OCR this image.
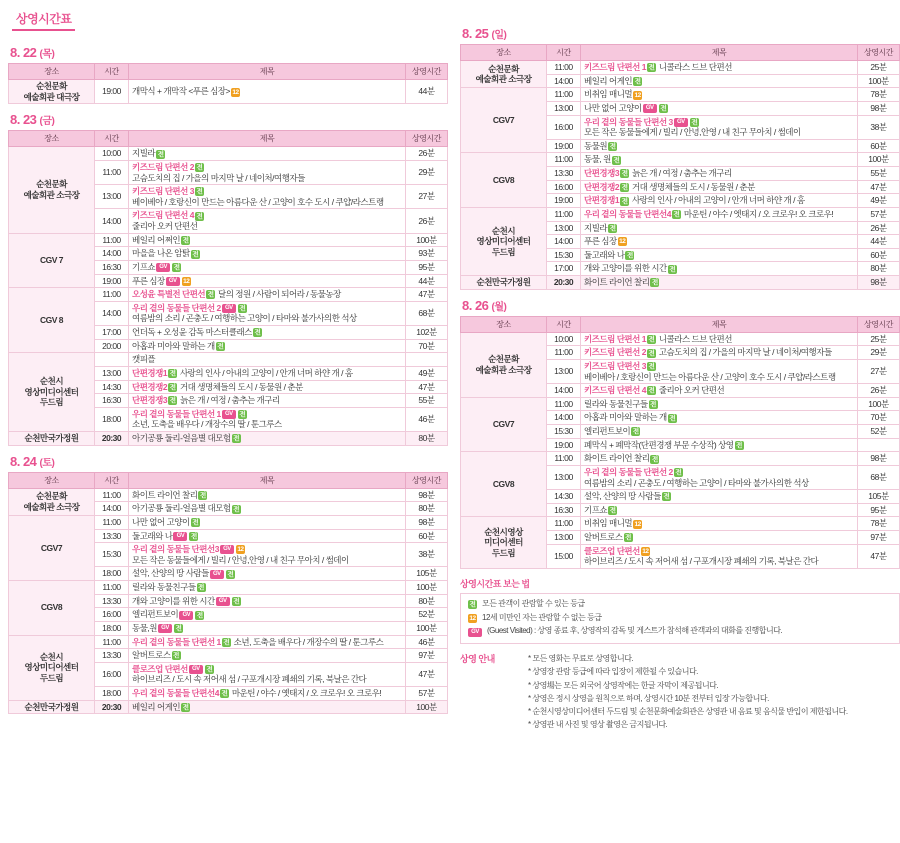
상영시간표
8. 22 (목)
장소	시간	제목	상영시간
순천문화
예술회관 대극장	19:00	개막식 + 개막작 <푸른 심장> 12	44분
8. 23 (금)
장소	시간	제목	상영시간
순천문화
예술회관 소극장	10:00	지빌라 전	26분
	11:00	키즈드림 단편선 2 전
고슴도치의 집 / 가을의 마지막 날 / 네이처/여행자들	29분
	13:00	키즈드림 단편선 3 전
베이베아 / 호랑신이 만드는 아름다운 산 / 고양이 호수 도시 / 쿠얍/라스트랭	27분
	14:00	키즈드림 단편선 4 전
줄리아 오커 단편선	26분
CGV 7	11:00	베일리 어쩌인 전	100분
	14:00	마을을 나온 암탉 전	93분
	16:30	기프쇼 GV 전	95분
	19:00	푸른 심장 GV 12	44분
CGV 8	11:00	오성윤 특별전 단편선 전 달의 정원 / 사람이 되어라 / 동물농장	47분
	14:00	우리 곁의 동물들 단편선 2 GV 전
여름밤의 소리 / 곤충도 / 여행하는 고양이 / 타마와 불가사의한 석상	68분
	17:00	언더독 + 오성윤 감독 마스터클래스 전	102분
	20:00	아홉과 미아와 말하는 개 전	70분
순천시
영상미디어센터
두드림		캣피플	
	13:00	단편경쟁1 전 사랑의 인사 / 아내의 고양이 / 안개 너머 하얀 개 / 홈	49분
	14:30	단편경쟁2 전 거대 생명체들의 도시 / 동물원 / 춘분	47분
	16:30	단편경쟁3 전 늙은 개 / 여정 / 춤추는 개구리	55분
	18:00	우리 곁의 동물들 단편선 1 GV 전
소년, 도축을 배우다 / 개장수의 딸 / 툰그루스	46분
순천만국가정원	20:30	아기공룡 둘리-얼음별 대모험 전	80분
8. 24 (토)
장소	시간	제목	상영시간
순천문화
예술회관 소극장	11:00	화이트 라이언 찰리 전	98분
	14:00	아기공룡 둘리-얼음별 대모험 전	80분
CGV7	11:00	나만 없어 고양이 전	98분
	13:30	둘고래와 나 GV 전	60분
	15:30	우리 곁의 동물들 단편선3 GV 12
모든 작은 동물들에게 / 빌리 / 안녕,안영 / 내 친구 무아치 / 썸데이	38분
	18:00	설악, 산양의 땅 사람들 GV 전	105분
CGV8	11:00	릴라와 동물친구들 전	100분
	13:30	개와 고양이를 위한 시간 GV 전	80분
	16:00	엘리펀트보이 GV 전	52분
	18:00	동물,원 GV 전	100분
순천시
영상미디어센터
두드림	11:00	우리 곁의 동물들 단편선 1 전 소년, 도축을 배우다 / 개장수의 딸 / 툰그루스	46분
	13:30	알버트로스 전	97분
	16:00	클로즈업 단편선 GV 전
하이브리즈 / 도시 속 저어새 섬 / 구포개시장 폐쇄의 기록, 북날은 간다	47분
	18:00	우리 곁의 동물들 단편선4 전 마운틴 / 야수 / 옛태지 / 오 크로우! 오 크로우!	57분
순천만국가정원	20:30	베일리 어게인 전	100분
8. 25 (일)
장소	시간	제목	상영시간
순천문화
예술회관 소극장	11:00	키즈드림 단편선 1 전 니콜라스 드브 단편선	25분
	14:00	베일리 어게인 전	100분
CGV7	11:00	비취임 매니멀 12	78분
	13:00	나만 없어 고양이 GV 전	98분
	16:00	우리 곁의 동물들 단편선 3 GV 전
모든 작은 동물들에게 / 빌리 / 안녕,안영 / 내 친구 무아치 / 썸데이	38분
	19:00	동물원 전	60분
CGV8	11:00	동물, 원 전	100분
	13:30	단편경쟁3 전 늙은 개 / 여정 / 춤추는 개구리	55분
	16:00	단편경쟁2 전 거대 생명체들의 도시 / 동물원 / 춘분	47분
	19:00	단편경쟁1 전 사랑의 인사 / 아내의 고양이 / 안개 너머 하얀 개 / 홈	49분
순천시
영상미디어센터
두드림	11:00	우리 곁의 동물들 단편선4 전 마운틴 / 야수 / 엣태지 / 오 크로우! 오 크로우!	57분
	13:00	지빌라 전	26분
	14:00	푸른 심장 12	44분
	15:30	둘고래와 나 전	60분
	17:00	개와 고양이를 위한 시간 전	80분
순천만국가정원	20:30	화이트 라이언 찰리 전	98분
8. 26 (월)
장소	시간	제목	상영시간
순천문화
예술회관 소극장	10:00	키즈드림 단편선 1 전 니콜라스 드브 단편선	25분
	11:00	키즈드림 단편선 2 전 고슴도치의 집 / 가을의 마지막 날 / 네이처/여행자들	29분
	13:00	키즈드림 단편선 3 전
베이베아 / 호랑신이 만드는 아름다운 산 / 고양이 호수 도시 / 쿠얍/라스트랭	27분
	14:00	키즈드림 단편선 4 전 줄리아 오커 단편선	26분
CGV7	11:00	릴라와 동물친구들 전	100분
	14:00	아홉과 미아와 말하는 개 전	70분
	15:30	엘리펀트보이 전	52분
	19:00	폐막식 + 폐막작(단편경쟁 부문 수상작) 상영 전	
CGV8	11:00	화이트 라이언 찰리 전	98분
	13:00	우리 곁의 동물들 단편선 2 전
여름밤의 소리 / 곤충도 / 여행하는 고양이 / 타마와 불가사의한 석상	68분
	14:30	설악, 산양의 땅 사람들 전	105분
	16:30	기프쇼 전	95분
순천시영상
미디어센터
두드림	11:00	비취임 매니멀 12	78분
	13:00	알버트로스 전	97분
	15:00	클로즈업 단편선 12
하이브리즈 / 도시 속 저어새 섬 / 구포개시장 폐쇄의 기록, 북날은 간다	47분
상영시간표 보는 법
전 모든 관객이 관람할 수 있는 등급
12 12세 미만인 자는 관람할 수 없는 등급
GV	(Guest Visited) : 상영 종료 후, 상영작의 감독 및 게스트가 참석해 관객과의 대화를 진행합니다.
상영 안내	* 모든 영화는 무료로 상영합니다.
* 상영장 관람 등급에 따라 입장이 제한될 수 있습니다.
* 상영場는 모든 외국어 상영작에는 한글 자막이 제공됩니다.
* 상영은 정시 상영을 원칙으로 하며, 상영시간 10분 전부터 입장 가능합니다.
* 순천시영상미디어센터 두드림 및 순천문화예술회관은 상영관 내 음료 및 음식물 반입이 제한됩니다.
* 상영관 내 사진 및 영상 촬영은 금지됩니다.
